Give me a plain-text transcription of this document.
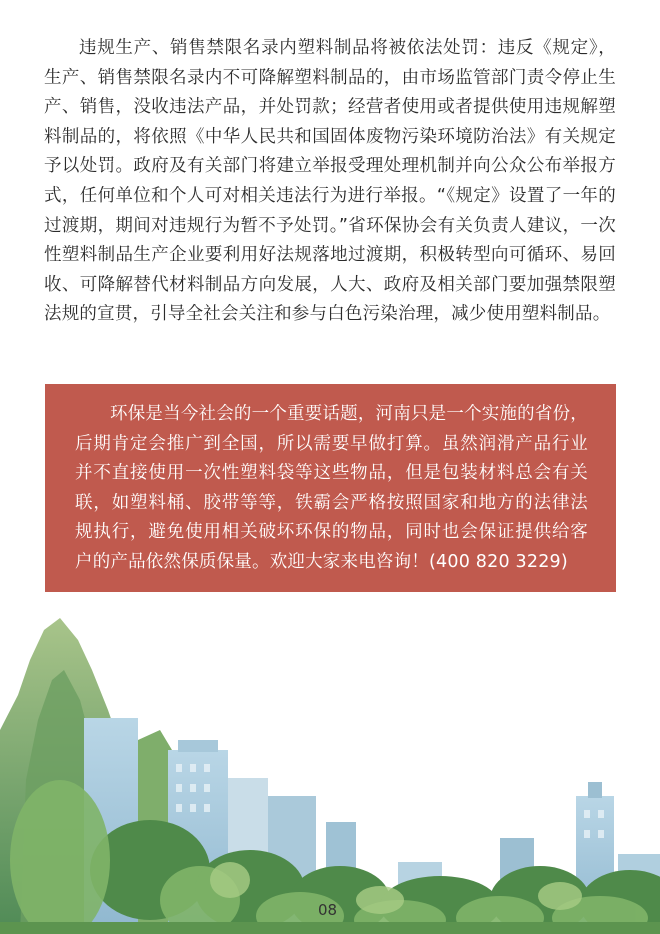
违规生产、销售禁限名录内塑料制品将被依法处罚：违反《规定》，生产、销售禁限名录内不可降解塑料制品的，由市场监管部门责令停止生产、销售，没收违法产品，并处罚款；经营者使用或者提供使用违规解塑料制品的，将依照《中华人民共和国固体废物污染环境防治法》有关规定予以处罚。政府及有关部门将建立举报受理处理机制并向公众公布举报方式，任何单位和个人可对相关违法行为进行举报。“《规定》设置了一年的过渡期，期间对违规行为暂不予处罚。”省环保协会有关负责人建议，一次性塑料制品生产企业要利用好法规落地过渡期，积极转型向可循环、易回收、可降解替代材料制品方向发展，人大、政府及相关部门要加强禁限塑法规的宣贯，引导全社会关注和参与白色污染治理，减少使用塑料制品。

环保是当今社会的一个重要话题，河南只是一个实施的省份，后期肯定会推广到全国，所以需要早做打算。虽然润滑产品行业并不直接使用一次性塑料袋等这些物品，但是包装材料总会有关联，如塑料桶、胶带等等，铁霸会严格按照国家和地方的法律法规执行，避免使用相关破坏环保的物品，同时也会保证提供给客户的产品依然保质保量。欢迎大家来电咨询！(400 820 3229)

08
